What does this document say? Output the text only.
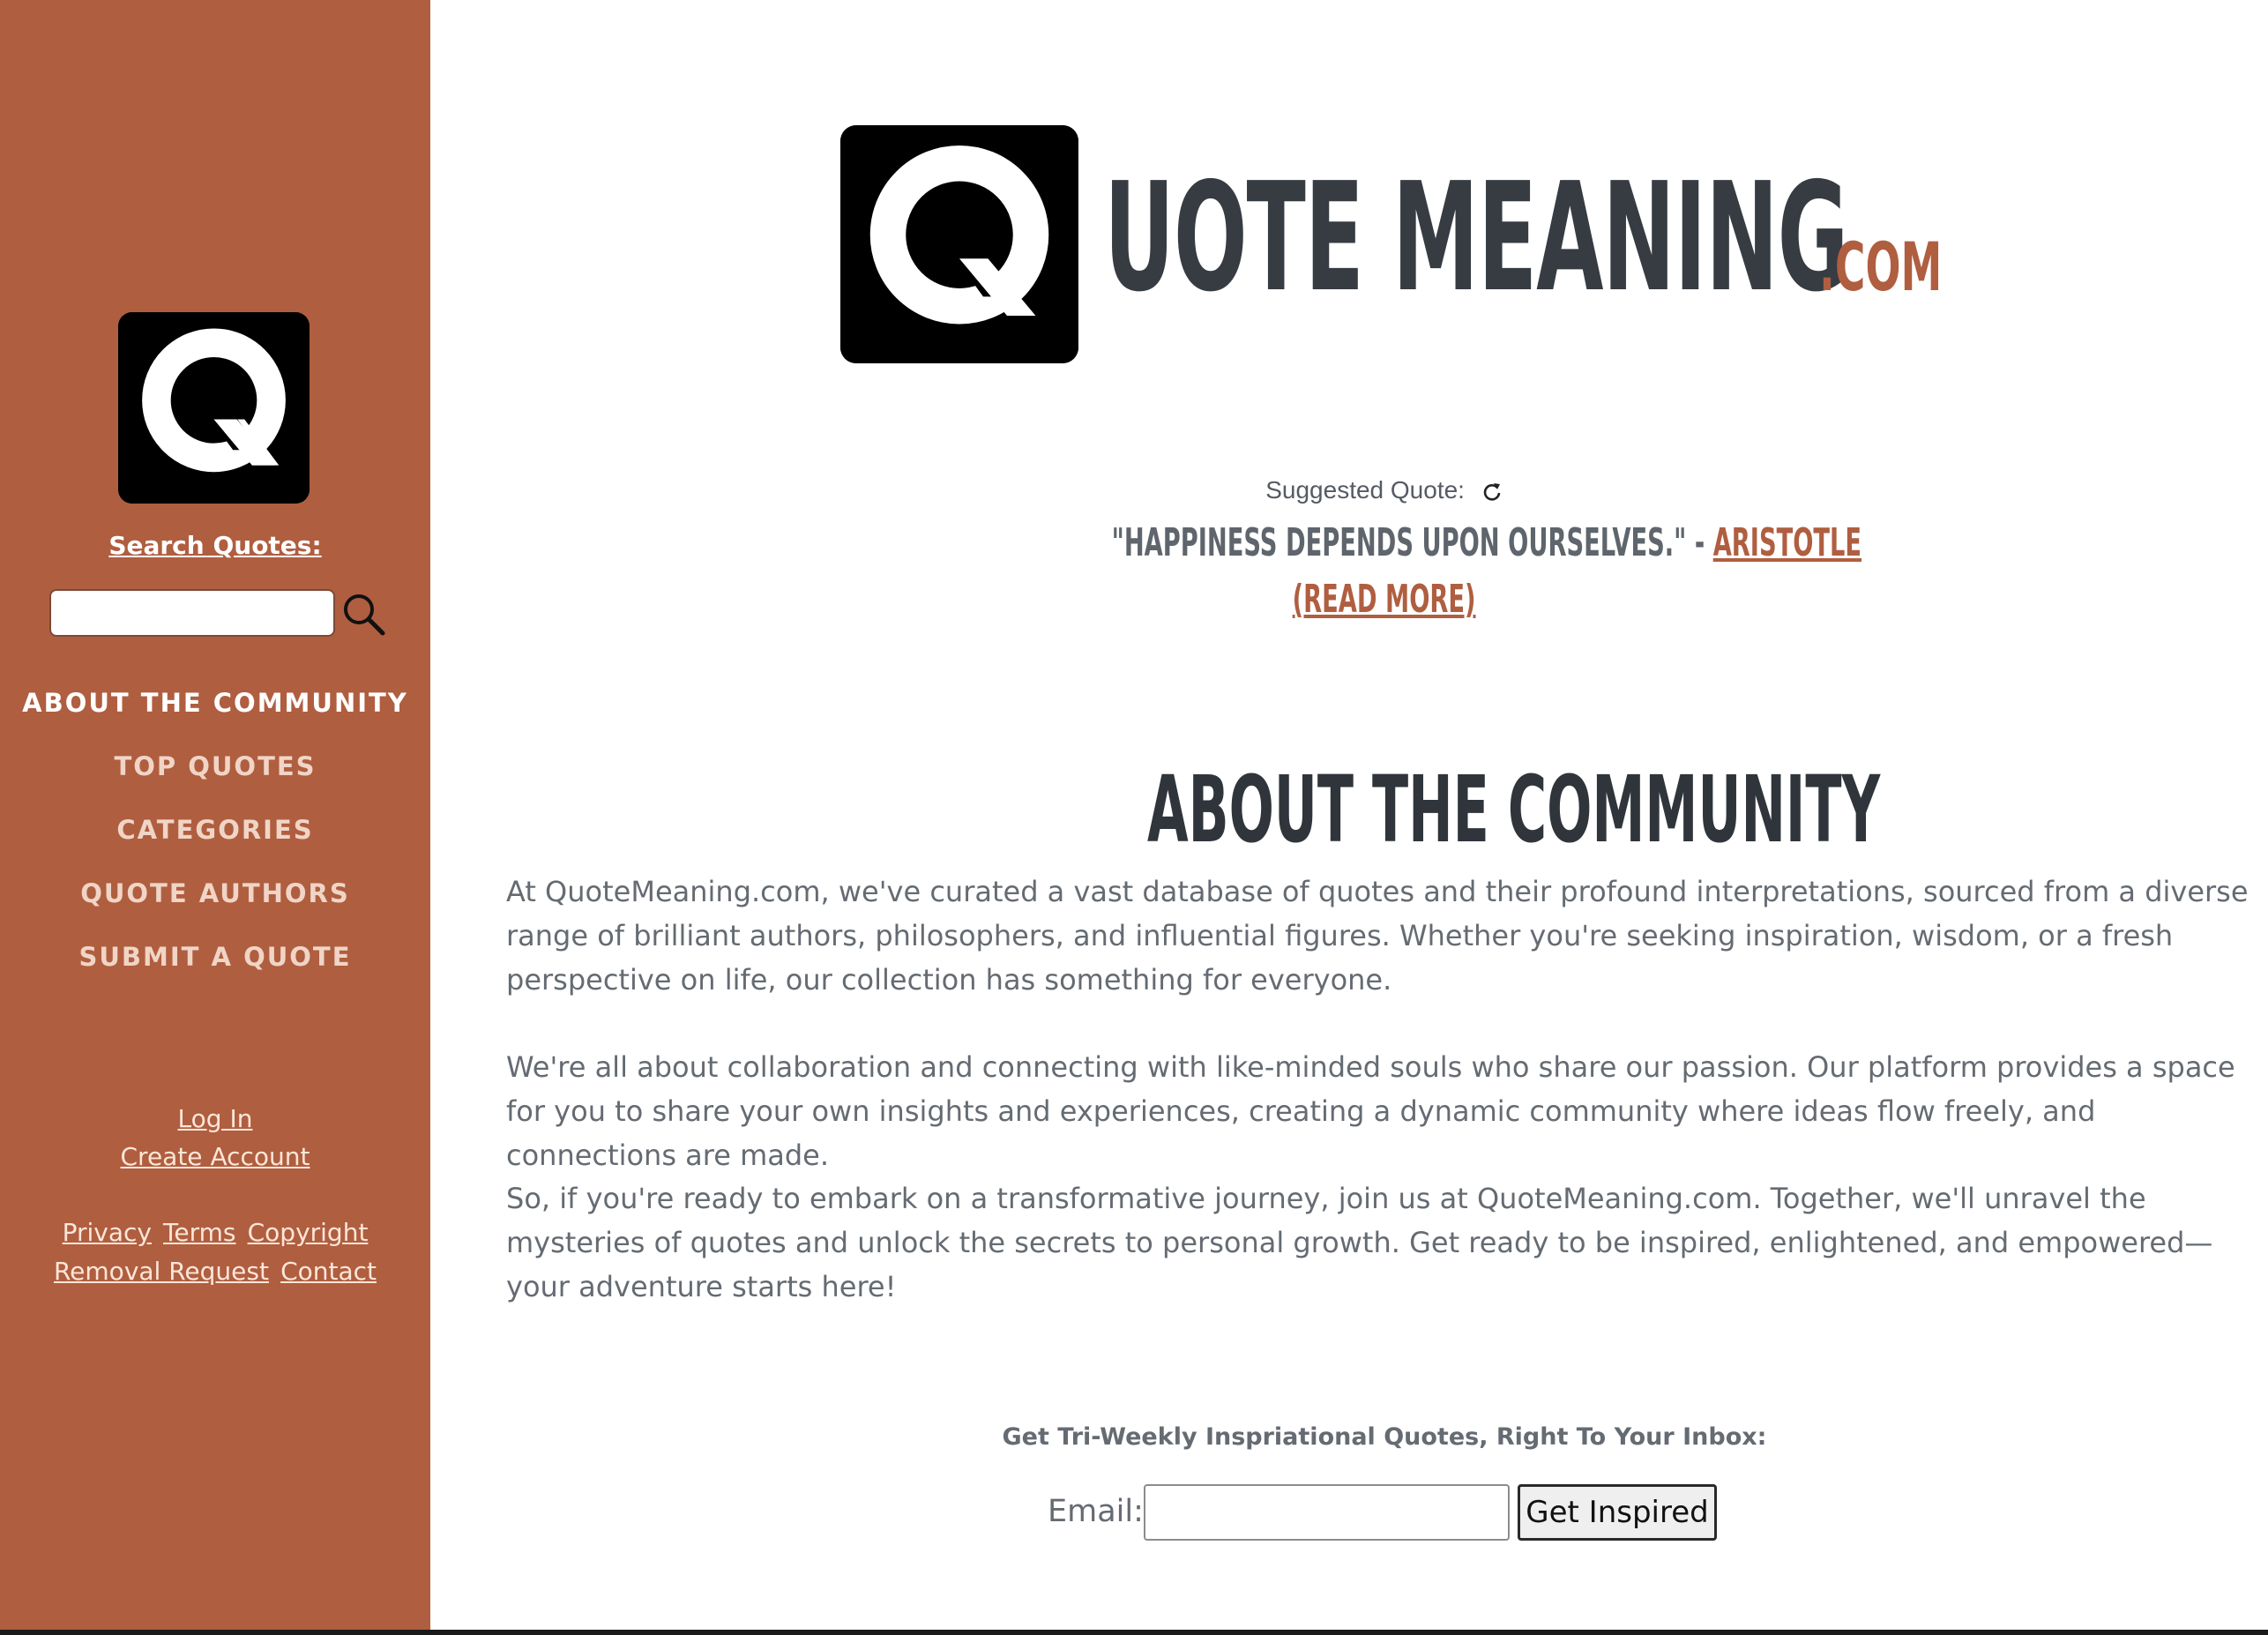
Search Quotes:
ABOUT THE COMMUNITY
TOP QUOTES
CATEGORIES
QUOTE AUTHORS
SUBMIT A QUOTE
Log In
Create Account
Privacy Terms Copyright
Removal Request Contact
UOTE MEANING
.COM
Suggested Quote:
"HAPPINESS DEPENDS UPON OURSELVES." - ARISTOTLE
(READ MORE)
ABOUT THE COMMUNITY

At QuoteMeaning.com, we've curated a vast database of quotes and their profound interpretations, sourced from a diverse range of brilliant authors, philosophers, and influential figures. Whether you're seeking inspiration, wisdom, or a fresh perspective on life, our collection has something for everyone.

We're all about collaboration and connecting with like-minded souls who share our passion. Our platform provides a space for you to share your own insights and experiences, creating a dynamic community where ideas flow freely, and connections are made.

So, if you're ready to embark on a transformative journey, join us at QuoteMeaning.com. Together, we'll unravel the mysteries of quotes and unlock the secrets to personal growth. Get ready to be inspired, enlightened, and empowered—your adventure starts here!

Get Tri-Weekly Inspriational Quotes, Right To Your Inbox:
Email:	Get Inspired
